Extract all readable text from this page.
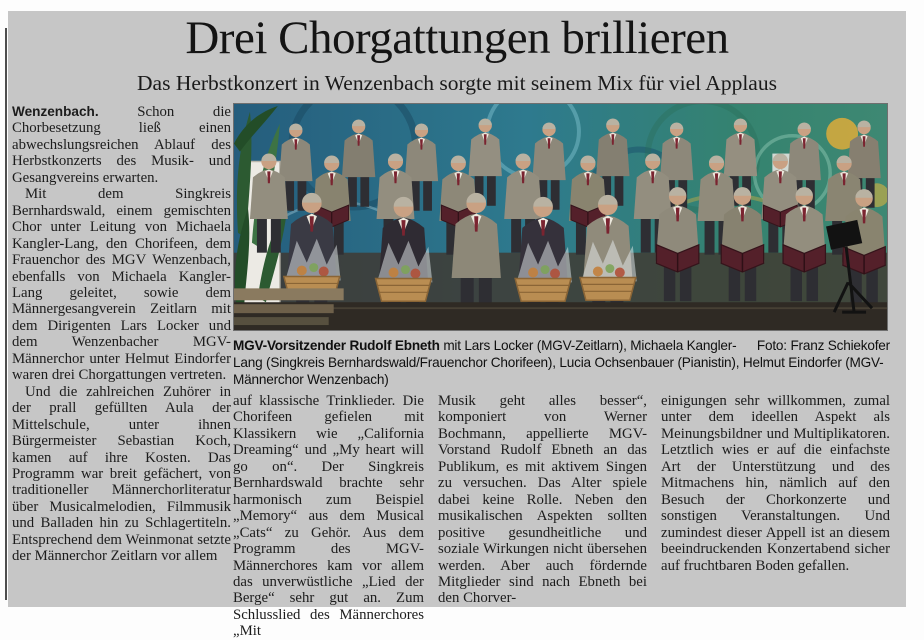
Drei Chorgattungen brillieren
Das Herbstkonzert in Wenzenbach sorgte mit seinem Mix für viel Applaus

Wenzenbach.	Schon die Chorbesetzung ließ einen abwechslungsreichen Ablauf des Herbstkonzerts des Musik- und Gesangvereins erwarten.

Mit dem Singkreis Bernhardswald, einem gemischten Chor unter Leitung von Michaela Kangler-Lang, den Chorifeen, dem Frauenchor des MGV Wenzenbach, ebenfalls von Michaela Kangler-Lang geleitet, sowie dem Männergesangverein Zeitlarn mit dem Dirigenten Lars Locker und dem Wenzenbacher MGV-Männerchor unter Helmut Eindorfer waren drei Chorgattungen vertreten.

Und die zahlreichen Zuhörer in der prall gefüllten Aula der Mittelschule, unter ihnen Bürgermeister Sebastian Koch, kamen auf ihre Kosten. Das Programm war breit gefächert, von traditioneller Männerchorliteratur über Musicalmelodien, Filmmusik und Balladen hin zu Schlagertiteln. Entsprechend dem Weinmonat setzte der Männerchor Zeitlarn vor allem

Foto: Franz Schiekofer
MGV-Vorsitzender Rudolf Ebneth mit Lars Locker (MGV-Zeitlarn), Michaela Kangler-Lang (Singkreis Bernhardswald/Frauenchor Chorifeen), Lucia Ochsenbauer (Pianistin), Helmut Eindorfer (MGV-Männerchor Wenzenbach)

auf klassische Trinklieder. Die Chorifeen gefielen mit Klassikern wie „California Dreaming“ und „My heart will go on“. Der Singkreis Bernhardswald brachte sehr harmonisch zum Beispiel „Memory“ aus dem Musical „Cats“ zu Gehör. Aus dem Programm des MGV-Männerchores kam vor allem das unverwüstliche „Lied der Berge“ sehr gut an. Zum Schlusslied des Männerchores „Mit

Musik geht alles besser“, komponiert von Werner Bochmann, appellierte MGV-Vorstand Rudolf Ebneth an das Publikum, es mit aktivem Singen zu versuchen. Das Alter spiele dabei keine Rolle. Neben den musikalischen Aspekten sollten positive gesundheitliche und soziale Wirkungen nicht übersehen werden. Aber auch fördernde Mitglieder sind nach Ebneth bei den Chorver-

einigungen sehr willkommen, zumal unter dem ideellen Aspekt als Meinungsbildner und Multiplikatoren. Letztlich wies er auf die einfachste Art der Unterstützung und des Mitmachens hin, nämlich auf den Besuch der Chorkonzerte und sonstigen Veranstaltungen. Und zumindest dieser Appell ist an diesem beeindruckenden Konzertabend sicher auf fruchtbaren Boden gefallen.
